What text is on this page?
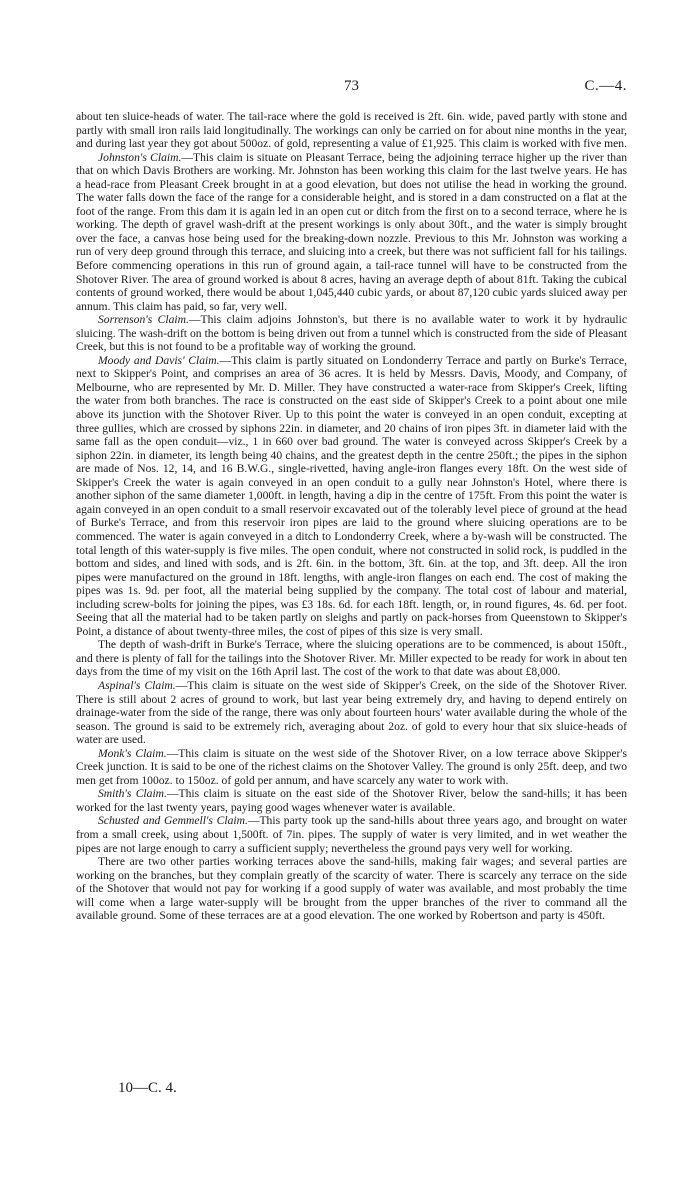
73	C.—4.

about ten sluice-heads of water. The tail-race where the gold is received is 2ft. 6in. wide, paved partly with stone and partly with small iron rails laid longitudinally. The workings can only be carried on for about nine months in the year, and during last year they got about 500oz. of gold, representing a value of £1,925. This claim is worked with five men.

Johnston's Claim.—This claim is situate on Pleasant Terrace, being the adjoining terrace higher up the river than that on which Davis Brothers are working. Mr. Johnston has been working this claim for the last twelve years. He has a head-race from Pleasant Creek brought in at a good elevation, but does not utilise the head in working the ground. The water falls down the face of the range for a considerable height, and is stored in a dam constructed on a flat at the foot of the range. From this dam it is again led in an open cut or ditch from the first on to a second terrace, where he is working. The depth of gravel wash-drift at the present workings is only about 30ft., and the water is simply brought over the face, a canvas hose being used for the breaking-down nozzle. Previous to this Mr. Johnston was working a run of very deep ground through this terrace, and sluicing into a creek, but there was not sufficient fall for his tailings. Before commencing operations in this run of ground again, a tail-race tunnel will have to be constructed from the Shotover River. The area of ground worked is about 8 acres, having an average depth of about 81ft. Taking the cubical contents of ground worked, there would be about 1,045,440 cubic yards, or about 87,120 cubic yards sluiced away per annum. This claim has paid, so far, very well.

Sorrenson's Claim.—This claim adjoins Johnston's, but there is no available water to work it by hydraulic sluicing. The wash-drift on the bottom is being driven out from a tunnel which is constructed from the side of Pleasant Creek, but this is not found to be a profitable way of working the ground.

Moody and Davis' Claim.—This claim is partly situated on Londonderry Terrace and partly on Burke's Terrace, next to Skipper's Point, and comprises an area of 36 acres. It is held by Messrs. Davis, Moody, and Company, of Melbourne, who are represented by Mr. D. Miller. They have constructed a water-race from Skipper's Creek, lifting the water from both branches. The race is constructed on the east side of Skipper's Creek to a point about one mile above its junction with the Shotover River. Up to this point the water is conveyed in an open conduit, excepting at three gullies, which are crossed by siphons 22in. in diameter, and 20 chains of iron pipes 3ft. in diameter laid with the same fall as the open conduit—viz., 1 in 660 over bad ground. The water is conveyed across Skipper's Creek by a siphon 22in. in diameter, its length being 40 chains, and the greatest depth in the centre 250ft.; the pipes in the siphon are made of Nos. 12, 14, and 16 B.W.G., single-rivetted, having angle-iron flanges every 18ft. On the west side of Skipper's Creek the water is again conveyed in an open conduit to a gully near Johnston's Hotel, where there is another siphon of the same diameter 1,000ft. in length, having a dip in the centre of 175ft. From this point the water is again conveyed in an open conduit to a small reservoir excavated out of the tolerably level piece of ground at the head of Burke's Terrace, and from this reservoir iron pipes are laid to the ground where sluicing operations are to be commenced. The water is again conveyed in a ditch to Londonderry Creek, where a by-wash will be constructed. The total length of this water-supply is five miles. The open conduit, where not constructed in solid rock, is puddled in the bottom and sides, and lined with sods, and is 2ft. 6in. in the bottom, 3ft. 6in. at the top, and 3ft. deep. All the iron pipes were manufactured on the ground in 18ft. lengths, with angle-iron flanges on each end. The cost of making the pipes was 1s. 9d. per foot, all the material being supplied by the company. The total cost of labour and material, including screw-bolts for joining the pipes, was £3 18s. 6d. for each 18ft. length, or, in round figures, 4s. 6d. per foot. Seeing that all the material had to be taken partly on sleighs and partly on pack-horses from Queenstown to Skipper's Point, a distance of about twenty-three miles, the cost of pipes of this size is very small.

The depth of wash-drift in Burke's Terrace, where the sluicing operations are to be commenced, is about 150ft., and there is plenty of fall for the tailings into the Shotover River. Mr. Miller expected to be ready for work in about ten days from the time of my visit on the 16th April last. The cost of the work to that date was about £8,000.

Aspinal's Claim.—This claim is situate on the west side of Skipper's Creek, on the side of the Shotover River. There is still about 2 acres of ground to work, but last year being extremely dry, and having to depend entirely on drainage-water from the side of the range, there was only about fourteen hours' water available during the whole of the season. The ground is said to be extremely rich, averaging about 2oz. of gold to every hour that six sluice-heads of water are used.

Monk's Claim.—This claim is situate on the west side of the Shotover River, on a low terrace above Skipper's Creek junction. It is said to be one of the richest claims on the Shotover Valley. The ground is only 25ft. deep, and two men get from 100oz. to 150oz. of gold per annum, and have scarcely any water to work with.

Smith's Claim.—This claim is situate on the east side of the Shotover River, below the sand-hills; it has been worked for the last twenty years, paying good wages whenever water is available.

Schusted and Gemmell's Claim.—This party took up the sand-hills about three years ago, and brought on water from a small creek, using about 1,500ft. of 7in. pipes. The supply of water is very limited, and in wet weather the pipes are not large enough to carry a sufficient supply; nevertheless the ground pays very well for working.

There are two other parties working terraces above the sand-hills, making fair wages; and several parties are working on the branches, but they complain greatly of the scarcity of water. There is scarcely any terrace on the side of the Shotover that would not pay for working if a good supply of water was available, and most probably the time will come when a large water-supply will be brought from the upper branches of the river to command all the available ground. Some of these terraces are at a good elevation. The one worked by Robertson and party is 450ft.

10—C. 4.
